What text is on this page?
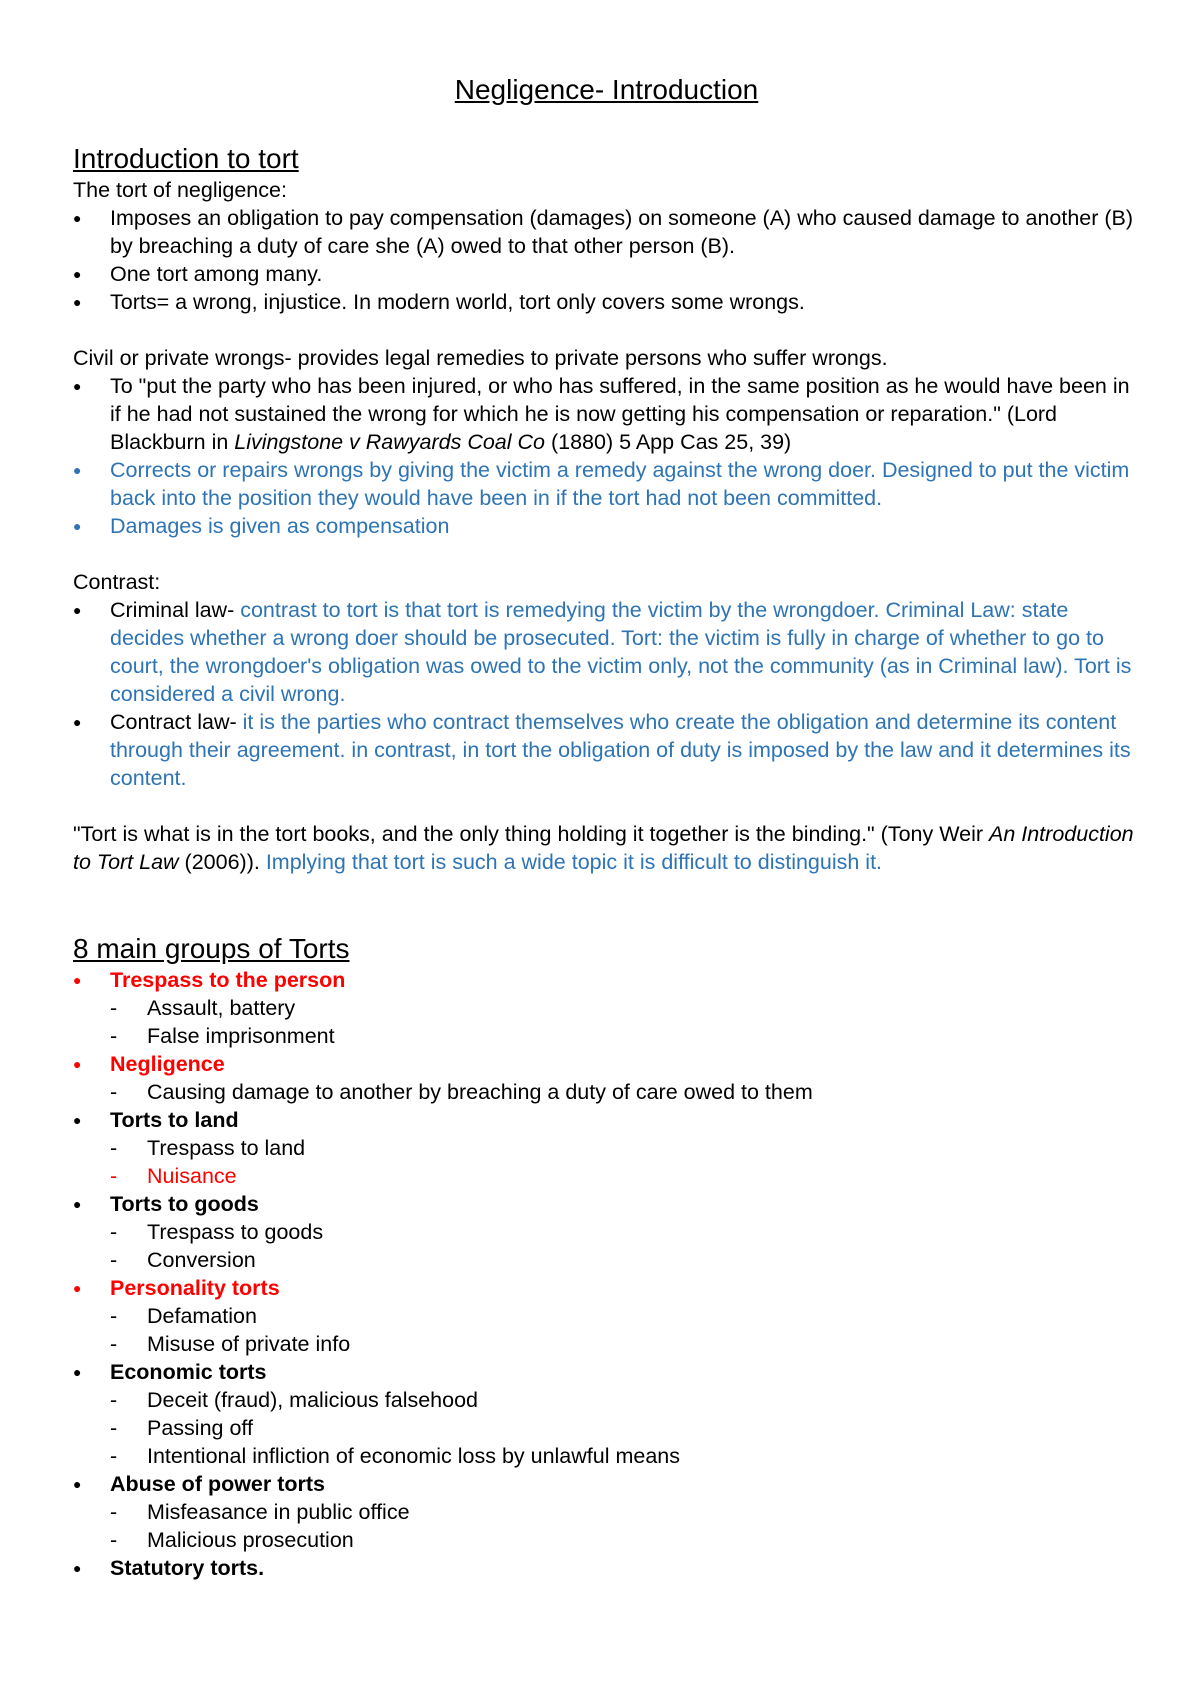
Negligence- Introduction
Introduction to tort

The tort of negligence:

● Imposes an obligation to pay compensation (damages) on someone (A) who caused damage to another (B) by breaching a duty of care she (A) owed to that other person (B).
● One tort among many.
● Torts= a wrong, injustice. In modern world, tort only covers some wrongs.

Civil or private wrongs- provides legal remedies to private persons who suffer wrongs.

● To "put the party who has been injured, or who has suffered, in the same position as he would have been in if he had not sustained the wrong for which he is now getting his compensation or reparation." (Lord Blackburn in Livingstone v Rawyards Coal Co (1880) 5 App Cas 25, 39)
● Corrects or repairs wrongs by giving the victim a remedy against the wrong doer. Designed to put the victim back into the position they would have been in if the tort had not been committed.
● Damages is given as compensation

Contrast:

● Criminal law- contrast to tort is that tort is remedying the victim by the wrongdoer. Criminal Law: state decides whether a wrong doer should be prosecuted. Tort: the victim is fully in charge of whether to go to court, the wrongdoer's obligation was owed to the victim only, not the community (as in Criminal law). Tort is considered a civil wrong.
● Contract law- it is the parties who contract themselves who create the obligation and determine its content through their agreement. in contrast, in tort the obligation of duty is imposed by the law and it determines its content.

"Tort is what is in the tort books, and the only thing holding it together is the binding." (Tony Weir An Introduction to Tort Law (2006)). Implying that tort is such a wide topic it is difficult to distinguish it.

8 main groups of Torts
● Trespass to the person
- Assault, battery
- False imprisonment
● Negligence
- Causing damage to another by breaching a duty of care owed to them
● Torts to land
- Trespass to land
- Nuisance
● Torts to goods
- Trespass to goods
- Conversion
● Personality torts
- Defamation
- Misuse of private info
● Economic torts
- Deceit (fraud), malicious falsehood
- Passing off
- Intentional infliction of economic loss by unlawful means
● Abuse of power torts
- Misfeasance in public office
- Malicious prosecution
● Statutory torts.
